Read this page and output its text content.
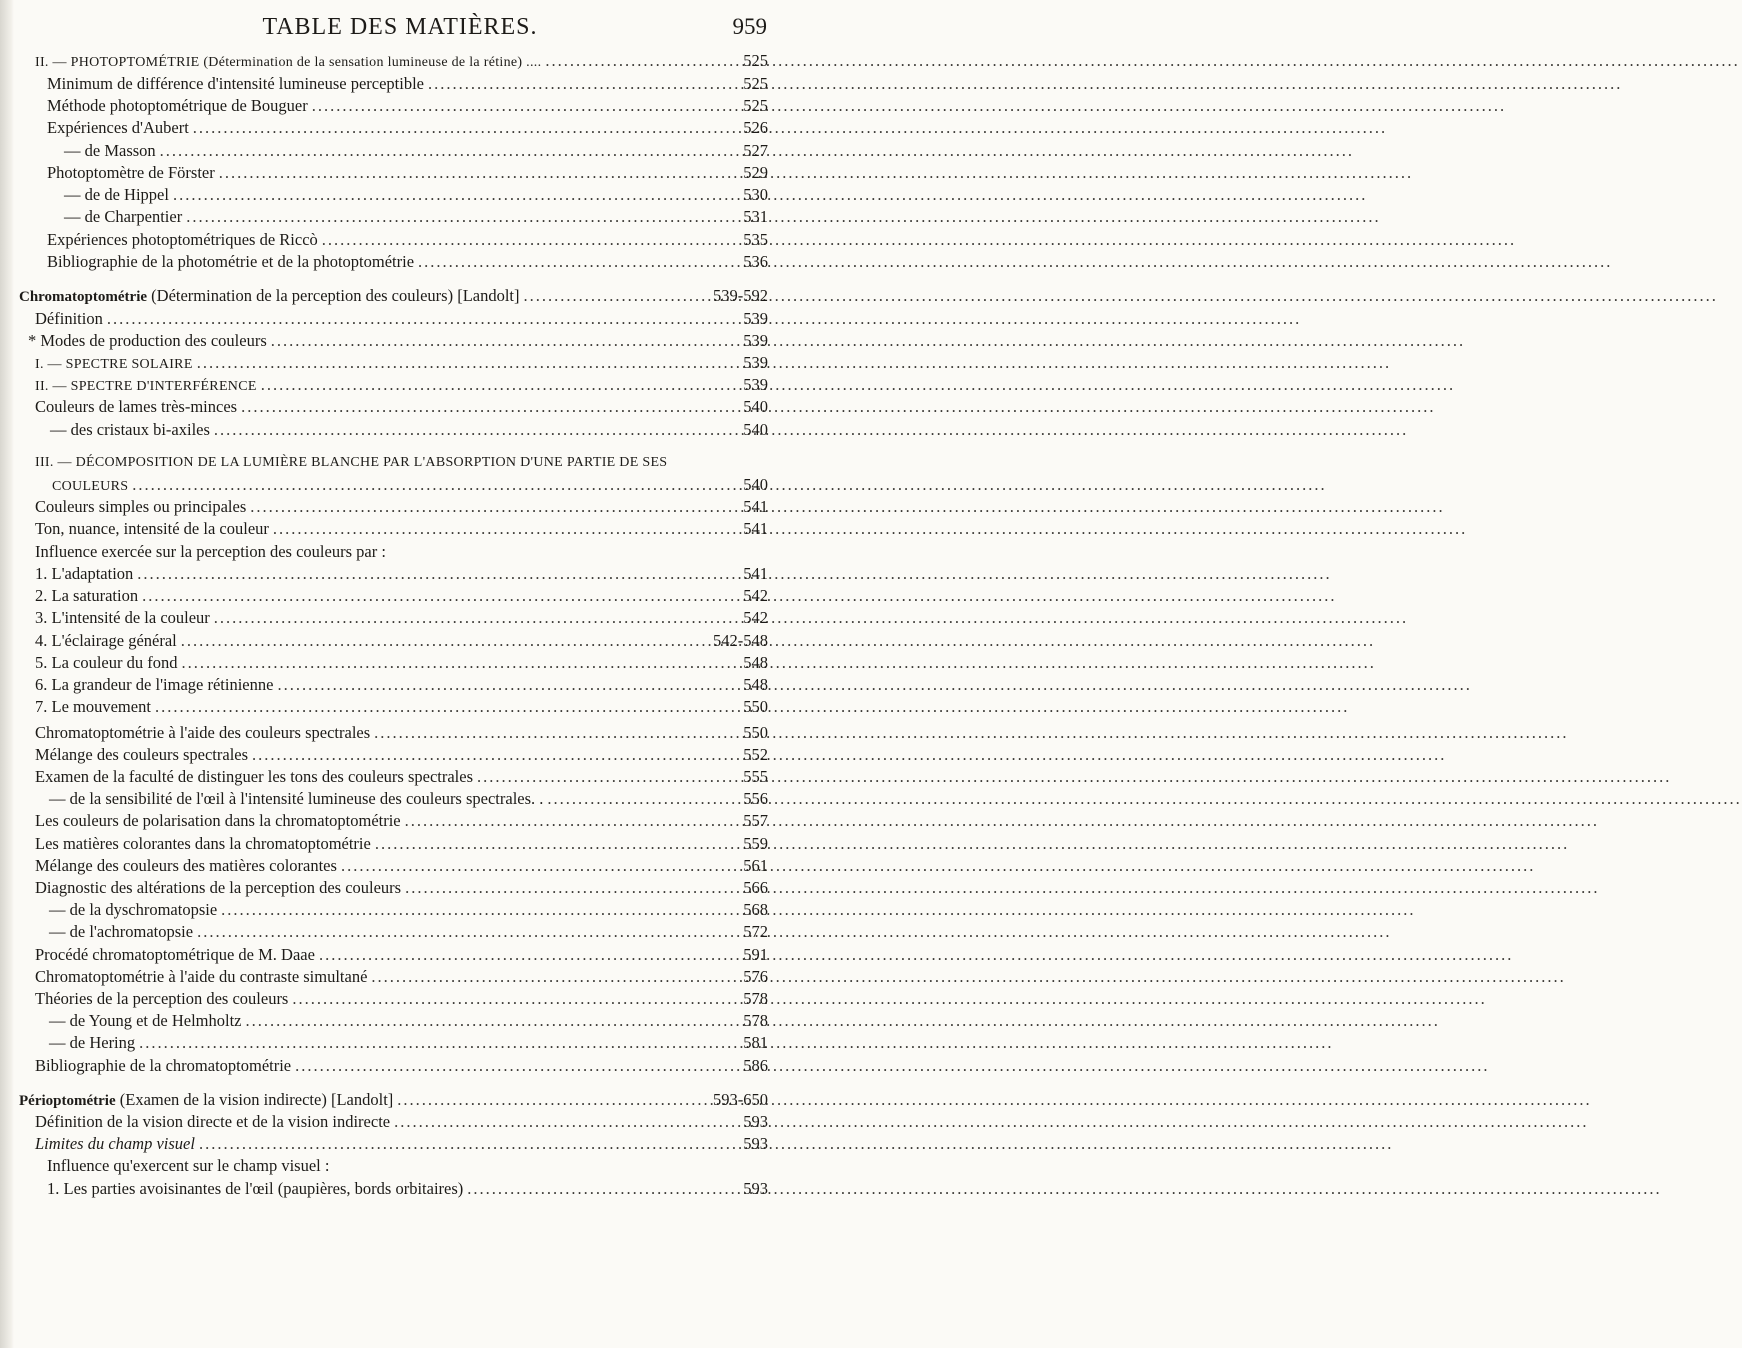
TABLE DES MATIÈRES.	959
II. — PHOTOPTOMÉTRIE (Détermination de la sensation lumineuse de la rétine) .... .....	525
Minimum de différence d'intensité lumineuse perceptible .....	525
Méthode photoptométrique de Bouguer .....	525
Expériences d'Aubert .....	526
— de Masson .....	527
Photoptomètre de Förster .....	529
— de de Hippel .....	530
— de Charpentier .....	531
Expériences photoptométriques de Riccò .....	535
Bibliographie de la photométrie et de la photoptométrie .....	536
Chromatoptométrie (Détermination de la perception des couleurs) [Landolt] .....	539-592
Définition .....	539
* Modes de production des couleurs .....	539
I. — SPECTRE SOLAIRE .....	539
II. — SPECTRE D'INTERFÉRENCE .....	539
Couleurs de lames très-minces .....	540
— des cristaux bi-axiles .....	540
III. — DÉCOMPOSITION DE LA LUMIÈRE BLANCHE PAR L'ABSORPTION D'UNE PARTIE DE SES
COULEURS .....	540
Couleurs simples ou principales .....	541
Ton, nuance, intensité de la couleur .....	541
Influence exercée sur la perception des couleurs par :
1. L'adaptation .....	541
2. La saturation .....	542
3. L'intensité de la couleur .....	542
4. L'éclairage général .....	542-548
5. La couleur du fond .....	548
6. La grandeur de l'image rétinienne .....	548
7. Le mouvement .....	550
Chromatoptométrie à l'aide des couleurs spectrales .....	550
Mélange des couleurs spectrales .....	552
Examen de la faculté de distinguer les tons des couleurs spectrales .....	555
— de la sensibilité de l'œil à l'intensité lumineuse des couleurs spectrales. . .....	556
Les couleurs de polarisation dans la chromatoptométrie .....	557
Les matières colorantes dans la chromatoptométrie .....	559
Mélange des couleurs des matières colorantes .....	561
Diagnostic des altérations de la perception des couleurs .....	566
— de la dyschromatopsie .....	568
— de l'achromatopsie .....	572
Procédé chromatoptométrique de M. Daae .....	591
Chromatoptométrie à l'aide du contraste simultané .....	576
Théories de la perception des couleurs .....	578
— de Young et de Helmholtz .....	578
— de Hering .....	581
Bibliographie de la chromatoptométrie .....	586
Périoptométrie (Examen de la vision indirecte) [Landolt] .....	593-650
Définition de la vision directe et de la vision indirecte .....	593
Limites du champ visuel .....	593
Influence qu'exercent sur le champ visuel :
1. Les parties avoisinantes de l'œil (paupières, bords orbitaires) .....	593
